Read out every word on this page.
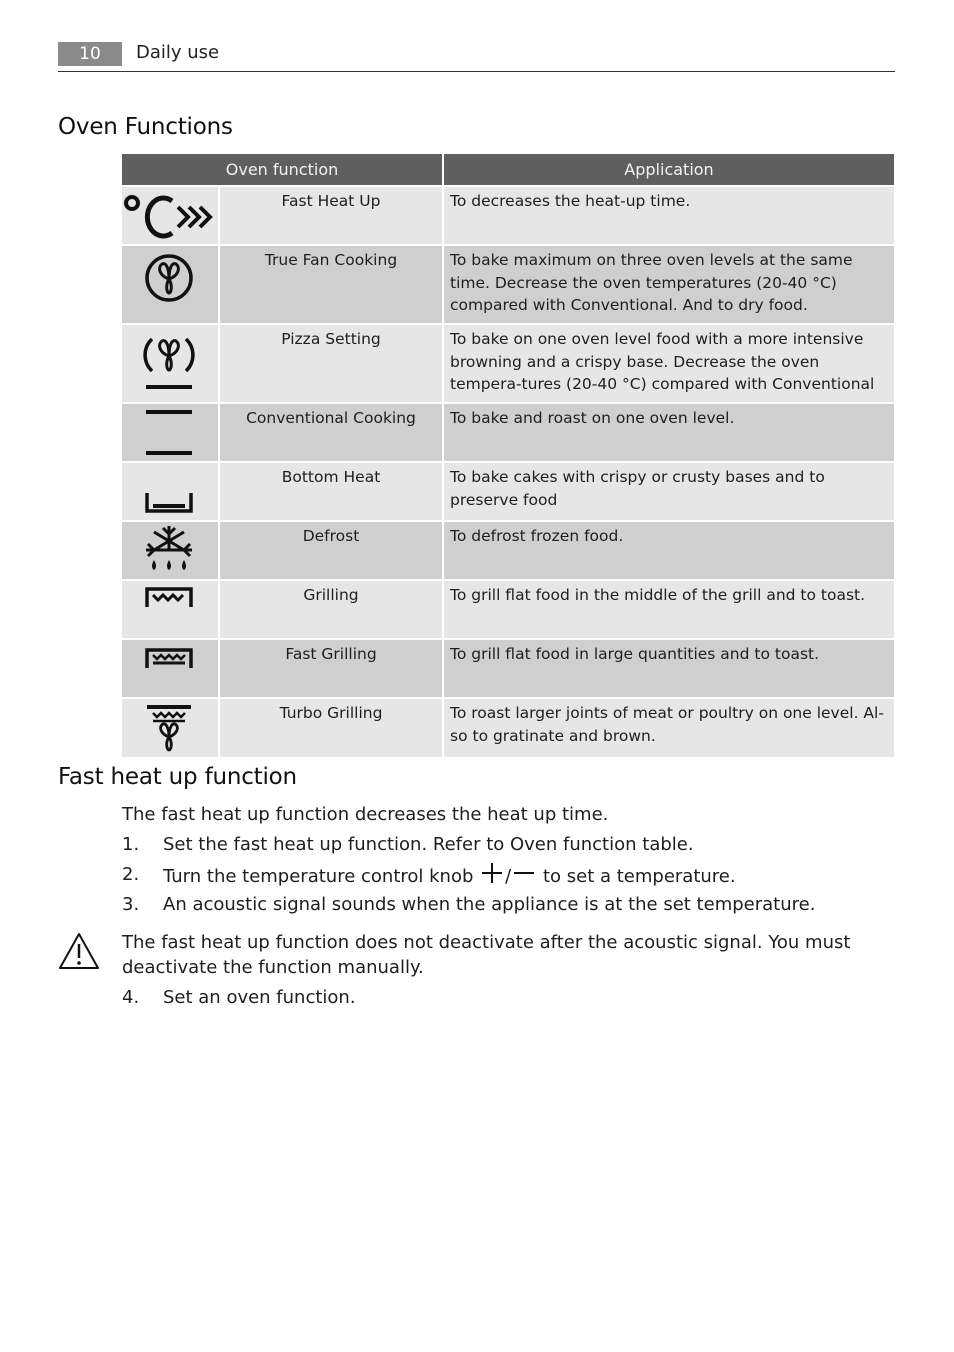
10	Daily use
Oven Functions
Oven function		Application

	Fast Heat Up	To decreases the heat-up time.

	True Fan Cooking	To bake maximum on three oven levels at the same time. Decrease the oven temperatures (20-40 °C) compared with Conventional. And to dry food.

	Pizza Setting	To bake on one oven level food with a more intensive browning and a crispy base. Decrease the oven tempera-tures (20-40 °C) compared with Conventional

	Conventional Cooking	To bake and roast on one oven level.

	Bottom Heat	To bake cakes with crispy or crusty bases and to preserve food

	Defrost	To defrost frozen food.

	Grilling	To grill flat food in the middle of the grill and to toast.

	Fast Grilling	To grill flat food in large quantities and to toast.

	Turbo Grilling	To roast larger joints of meat or poultry on one level. Al-so to gratinate and brown.
Fast heat up function
The fast heat up function decreases the heat up time.
1.	Set the fast heat up function. Refer to Oven function table.
2.	Turn the temperature control knob / to set a temperature.
3.	An acoustic signal sounds when the appliance is at the set temperature.
The fast heat up function does not deactivate after the acoustic signal. You must deactivate the function manually.
4.	Set an oven function.
